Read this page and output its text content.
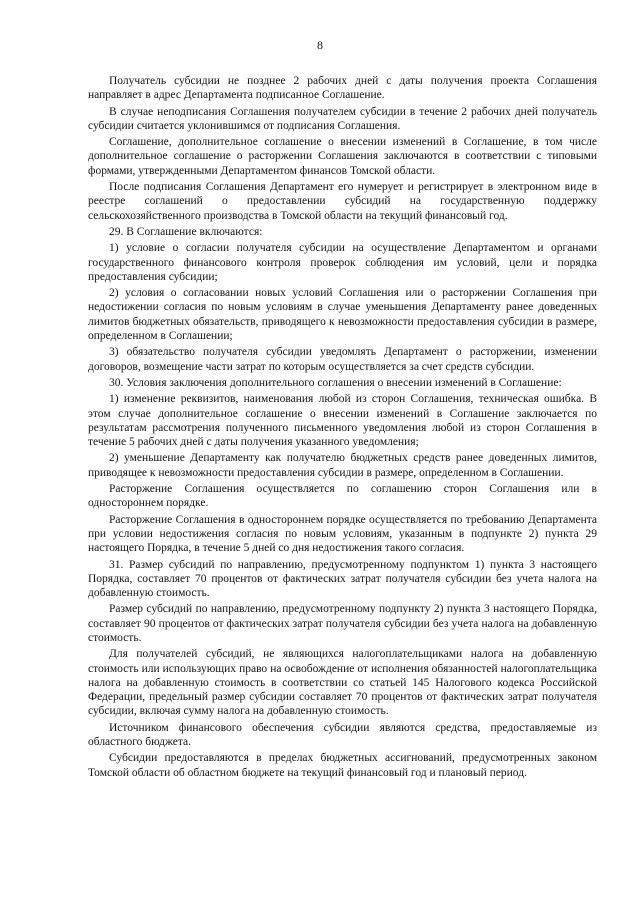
8

Получатель субсидии не позднее 2 рабочих дней с даты получения проекта Соглашения направляет в адрес Департамента подписанное Соглашение.

В случае неподписания Соглашения получателем субсидии в течение 2 рабочих дней получатель субсидии считается уклонившимся от подписания Соглашения.

Соглашение, дополнительное соглашение о внесении изменений в Соглашение, в том числе дополнительное соглашение о расторжении Соглашения заключаются в соответствии с типовыми формами, утвержденными Департаментом финансов Томской области.

После подписания Соглашения Департамент его нумерует и регистрирует в электронном виде в реестре соглашений о предоставлении субсидий на государственную поддержку сельскохозяйственного производства в Томской области на текущий финансовый год.

29. В Соглашение включаются:

1) условие о согласии получателя субсидии на осуществление Департаментом и органами государственного финансового контроля проверок соблюдения им условий, цели и порядка предоставления субсидии;

2) условия о согласовании новых условий Соглашения или о расторжении Соглашения при недостижении согласия по новым условиям в случае уменьшения Департаменту ранее доведенных лимитов бюджетных обязательств, приводящего к невозможности предоставления субсидии в размере, определенном в Соглашении;

3) обязательство получателя субсидии уведомлять Департамент о расторжении, изменении договоров, возмещение части затрат по которым осуществляется за счет средств субсидии.

30. Условия заключения дополнительного соглашения о внесении изменений в Соглашение:

1) изменение реквизитов, наименования любой из сторон Соглашения, техническая ошибка. В этом случае дополнительное соглашение о внесении изменений в Соглашение заключается по результатам рассмотрения полученного письменного уведомления любой из сторон Соглашения в течение 5 рабочих дней с даты получения указанного уведомления;

2) уменьшение Департаменту как получателю бюджетных средств ранее доведенных лимитов, приводящее к невозможности предоставления субсидии в размере, определенном в Соглашении.

Расторжение Соглашения осуществляется по соглашению сторон Соглашения или в одностороннем порядке.

Расторжение Соглашения в одностороннем порядке осуществляется по требованию Департамента при условии недостижения согласия по новым условиям, указанным в подпункте 2) пункта 29 настоящего Порядка, в течение 5 дней со дня недостижения такого согласия.

31. Размер субсидий по направлению, предусмотренному подпунктом 1) пункта 3 настоящего Порядка, составляет 70 процентов от фактических затрат получателя субсидии без учета налога на добавленную стоимость.

Размер субсидий по направлению, предусмотренному подпункту 2) пункта 3 настоящего Порядка, составляет 90 процентов от фактических затрат получателя субсидии без учета налога на добавленную стоимость.

Для получателей субсидий, не являющихся налогоплательщиками налога на добавленную стоимость или использующих право на освобождение от исполнения обязанностей налогоплательщика налога на добавленную стоимость в соответствии со статьей 145 Налогового кодекса Российской Федерации, предельный размер субсидии составляет 70 процентов от фактических затрат получателя субсидии, включая сумму налога на добавленную стоимость.

Источником финансового обеспечения субсидии являются средства, предоставляемые из областного бюджета.

Субсидии предоставляются в пределах бюджетных ассигнований, предусмотренных законом Томской области об областном бюджете на текущий финансовый год и плановый период.
